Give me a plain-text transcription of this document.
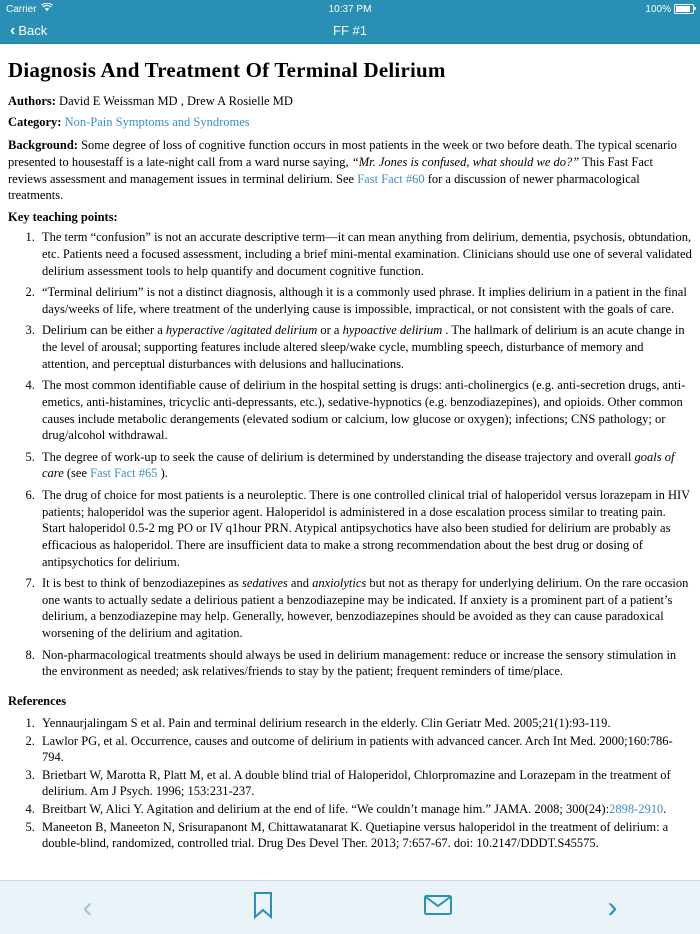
Carrier	10:37 PM	100%
‹ Back	FF #1
Diagnosis And Treatment Of Terminal Delirium
Authors: David E Weissman MD , Drew A Rosielle MD
Category: Non-Pain Symptoms and Syndromes
Background: Some degree of loss of cognitive function occurs in most patients in the week or two before death. The typical scenario presented to housestaff is a late-night call from a ward nurse saying, “Mr. Jones is confused, what should we do?” This Fast Fact reviews assessment and management issues in terminal delirium. See Fast Fact #60 for a discussion of newer pharmacological treatments.
Key teaching points:
1. The term “confusion” is not an accurate descriptive term—it can mean anything from delirium, dementia, psychosis, obtundation, etc. Patients need a focused assessment, including a brief mini-mental examination. Clinicians should use one of several validated delirium assessment tools to help quantify and document cognitive function.
2. “Terminal delirium” is not a distinct diagnosis, although it is a commonly used phrase. It implies delirium in a patient in the final days/weeks of life, where treatment of the underlying cause is impossible, impractical, or not consistent with the goals of care.
3. Delirium can be either a hyperactive /agitated delirium or a hypoactive delirium . The hallmark of delirium is an acute change in the level of arousal; supporting features include altered sleep/wake cycle, mumbling speech, disturbance of memory and attention, and perceptual disturbances with delusions and hallucinations.
4. The most common identifiable cause of delirium in the hospital setting is drugs: anti-cholinergics (e.g. anti-secretion drugs, anti-emetics, anti-histamines, tricyclic anti-depressants, etc.), sedative-hypnotics (e.g. benzodiazepines), and opioids. Other common causes include metabolic derangements (elevated sodium or calcium, low glucose or oxygen); infections; CNS pathology; or drug/alcohol withdrawal.
5. The degree of work-up to seek the cause of delirium is determined by understanding the disease trajectory and overall goals of care (see Fast Fact #65 ).
6. The drug of choice for most patients is a neuroleptic. There is one controlled clinical trial of haloperidol versus lorazepam in HIV patients; haloperidol was the superior agent. Haloperidol is administered in a dose escalation process similar to treating pain. Start haloperidol 0.5-2 mg PO or IV q1hour PRN. Atypical antipsychotics have also been studied for delirium are probably as efficacious as haloperidol. There are insufficient data to make a strong recommendation about the best drug or dosing of antipsychotics for delirium.
7. It is best to think of benzodiazepines as sedatives and anxiolytics but not as therapy for underlying delirium. On the rare occasion one wants to actually sedate a delirious patient a benzodiazepine may be indicated. If anxiety is a prominent part of a patient’s delirium, a benzodiazepine may help. Generally, however, benzodiazepines should be avoided as they can cause paradoxical worsening of the delirium and agitation.
8. Non-pharmacological treatments should always be used in delirium management: reduce or increase the sensory stimulation in the environment as needed; ask relatives/friends to stay by the patient; frequent reminders of time/place.
References
1. Yennaurjalingam S et al. Pain and terminal delirium research in the elderly. Clin Geriatr Med. 2005;21(1):93-119.
2. Lawlor PG, et al. Occurrence, causes and outcome of delirium in patients with advanced cancer. Arch Int Med. 2000;160:786-794.
3. Brietbart W, Marotta R, Platt M, et al. A double blind trial of Haloperidol, Chlorpromazine and Lorazepam in the treatment of delirium. Am J Psych. 1996; 153:231-237.
4. Breitbart W, Alici Y. Agitation and delirium at the end of life. “We couldn’t manage him.” JAMA. 2008; 300(24):2898-2910.
5. Maneeton B, Maneeton N, Srisurapanont M, Chittawatanarat K. Quetiapine versus haloperidol in the treatment of delirium: a double-blind, randomized, controlled trial. Drug Des Devel Ther. 2013; 7:657-67. doi: 10.2147/DDDT.S45575.
‹	›
